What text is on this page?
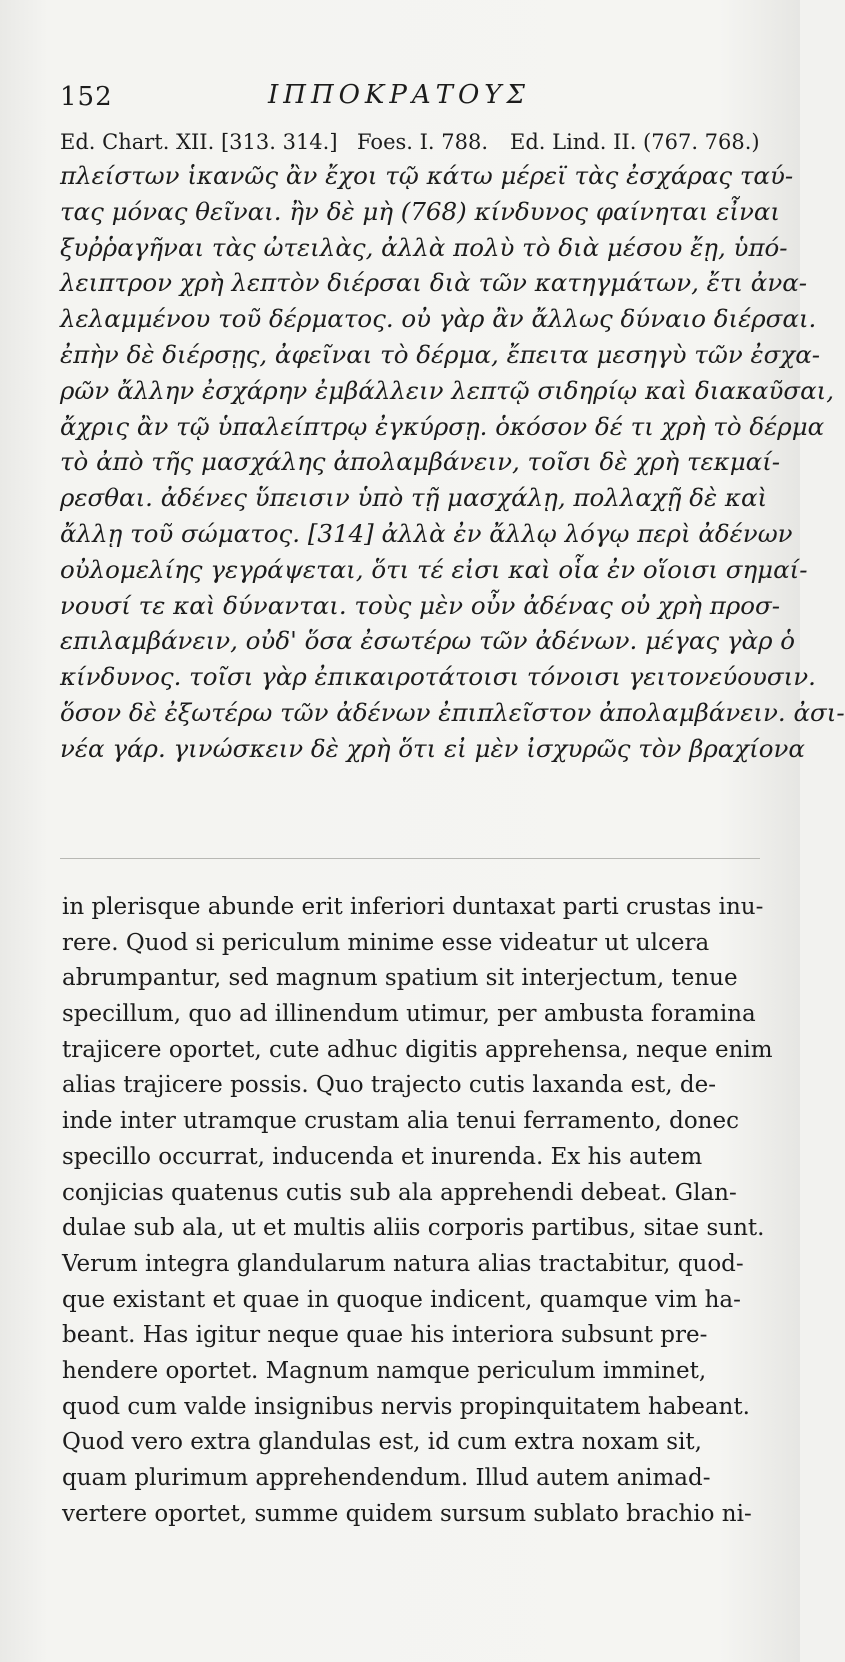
152	ΙΠΠΟΚΡΑΤΟΥΣ
Ed. Chart. XII. [313. 314.] Foes. I. 788. Ed. Lind. II. (767. 768.)
πλείστων ἱκανῶς ἂν ἔχοι τῷ κάτω μέρεϊ τὰς ἐσχάρας ταύ-
τας μόνας θεῖναι. ἢν δὲ μὴ (768) κίνδυνος φαίνηται εἶναι
ξυῤῥαγῆναι τὰς ὠτειλὰς, ἀλλὰ πολὺ τὸ διὰ μέσου ἔῃ, ὑπό-
λειπτρον χρὴ λεπτὸν διέρσαι διὰ τῶν κατηγμάτων, ἔτι ἀνα-
λελαμμένου τοῦ δέρματος. οὐ γὰρ ἂν ἄλλως δύναιο διέρσαι.
ἐπὴν δὲ διέρσῃς, ἀφεῖναι τὸ δέρμα, ἔπειτα μεσηγὺ τῶν ἐσχα-
ρῶν ἄλλην ἐσχάρην ἐμβάλλειν λεπτῷ σιδηρίῳ καὶ διακαῦσαι,
ἄχρις ἂν τῷ ὑπαλείπτρῳ ἐγκύρσῃ. ὁκόσον δέ τι χρὴ τὸ δέρμα
τὸ ἀπὸ τῆς μασχάλης ἀπολαμβάνειν, τοῖσι δὲ χρὴ τεκμαί-
ρεσθαι. ἀδένες ὕπεισιν ὑπὸ τῇ μασχάλῃ, πολλαχῇ δὲ καὶ
ἄλλῃ τοῦ σώματος. [314] ἀλλὰ ἐν ἄλλῳ λόγῳ περὶ ἀδένων
οὐλομελίης γεγράψεται, ὅτι τέ εἰσι καὶ οἷα ἐν οἵοισι σημαί-
νουσί τε καὶ δύνανται. τοὺς μὲν οὖν ἀδένας οὐ χρὴ προσ-
επιλαμβάνειν, οὐδ' ὅσα ἐσωτέρω τῶν ἀδένων. μέγας γὰρ ὁ
κίνδυνος. τοῖσι γὰρ ἐπικαιροτάτοισι τόνοισι γειτονεύουσιν.
ὅσον δὲ ἐξωτέρω τῶν ἀδένων ἐπιπλεῖστον ἀπολαμβάνειν. ἀσι-
νέα γάρ. γινώσκειν δὲ χρὴ ὅτι εἰ μὲν ἰσχυρῶς τὸν βραχίονα
in plerisque abunde erit inferiori duntaxat parti crustas inu-
rere. Quod si periculum minime esse videatur ut ulcera
abrumpantur, sed magnum spatium sit interjectum, tenue
specillum, quo ad illinendum utimur, per ambusta foramina
trajicere oportet, cute adhuc digitis apprehensa, neque enim
alias trajicere possis. Quo trajecto cutis laxanda est, de-
inde inter utramque crustam alia tenui ferramento, donec
specillo occurrat, inducenda et inurenda. Ex his autem
conjicias quatenus cutis sub ala apprehendi debeat. Glan-
dulae sub ala, ut et multis aliis corporis partibus, sitae sunt.
Verum integra glandularum natura alias tractabitur, quod-
que existant et quae in quoque indicent, quamque vim ha-
beant. Has igitur neque quae his interiora subsunt pre-
hendere oportet. Magnum namque periculum imminet,
quod cum valde insignibus nervis propinquitatem habeant.
Quod vero extra glandulas est, id cum extra noxam sit,
quam plurimum apprehendendum. Illud autem animad-
vertere oportet, summe quidem sursum sublato brachio ni-
